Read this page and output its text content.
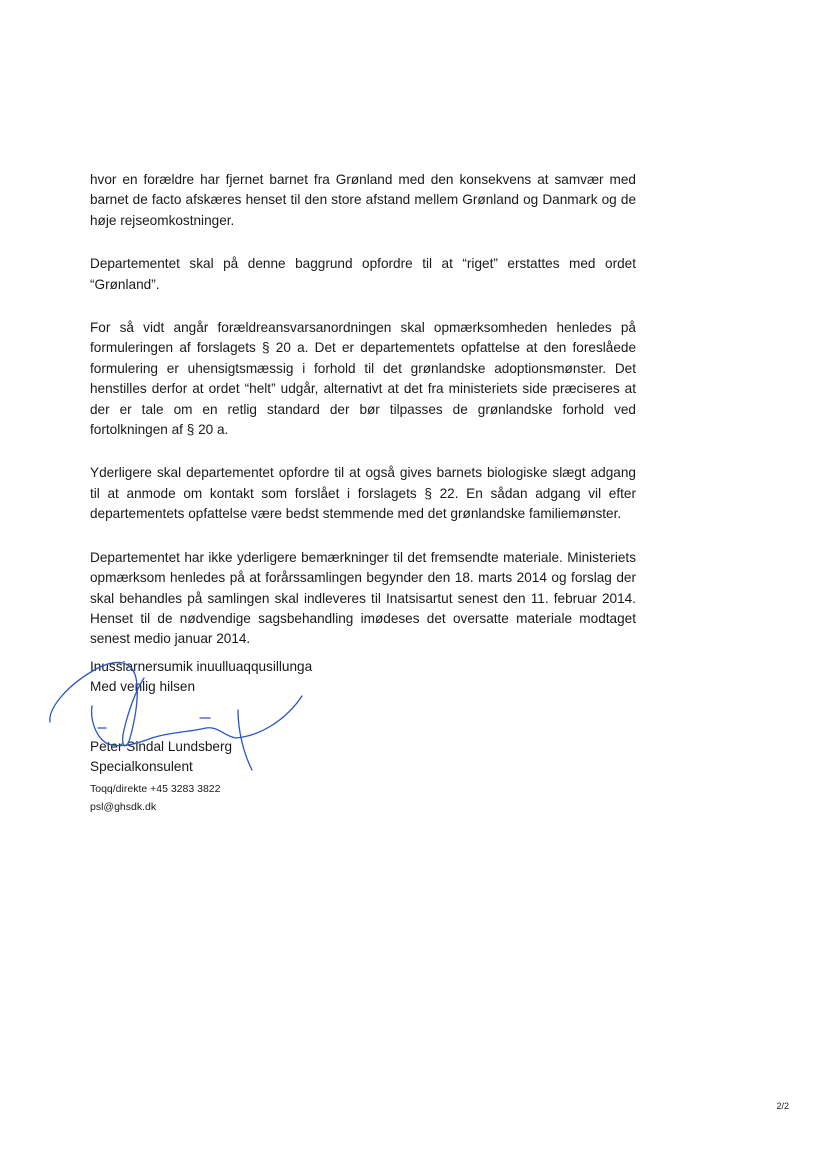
hvor en forældre har fjernet barnet fra Grønland med den konsekvens at samvær med barnet de facto afskæres henset til den store afstand mellem Grønland og Danmark og de høje rejseomkostninger.

Departementet skal på denne baggrund opfordre til at “riget” erstattes med ordet “Grønland”.

For så vidt angår forældreansvarsanordningen skal opmærksomheden henledes på formuleringen af forslagets § 20 a. Det er departementets opfattelse at den foreslåede formulering er uhensigtsmæssig i forhold til det grønlandske adoptionsmønster. Det henstilles derfor at ordet “helt” udgår, alternativt at det fra ministeriets side præciseres at der er tale om en retlig standard der bør tilpasses de grønlandske forhold ved fortolkningen af § 20 a.

Yderligere skal departementet opfordre til at også gives barnets biologiske slægt adgang til at anmode om kontakt som forslået i forslagets § 22. En sådan adgang vil efter departementets opfattelse være bedst stemmende med det grønlandske familiemønster.

Departementet har ikke yderligere bemærkninger til det fremsendte materiale. Ministeriets opmærksom henledes på at forårssamlingen begynder den 18. marts 2014 og forslag der skal behandles på samlingen skal indleveres til Inatsisartut senest den 11. februar 2014. Henset til de nødvendige sagsbehandling imødeses det oversatte materiale modtaget senest medio januar 2014.

Inussiarnersumik inuulluaqqusillunga
Med venlig hilsen
Peter Sindal Lundsberg
Specialkonsulent
Toqq/direkte +45 3283 3822
psl@ghsdk.dk
2/2
